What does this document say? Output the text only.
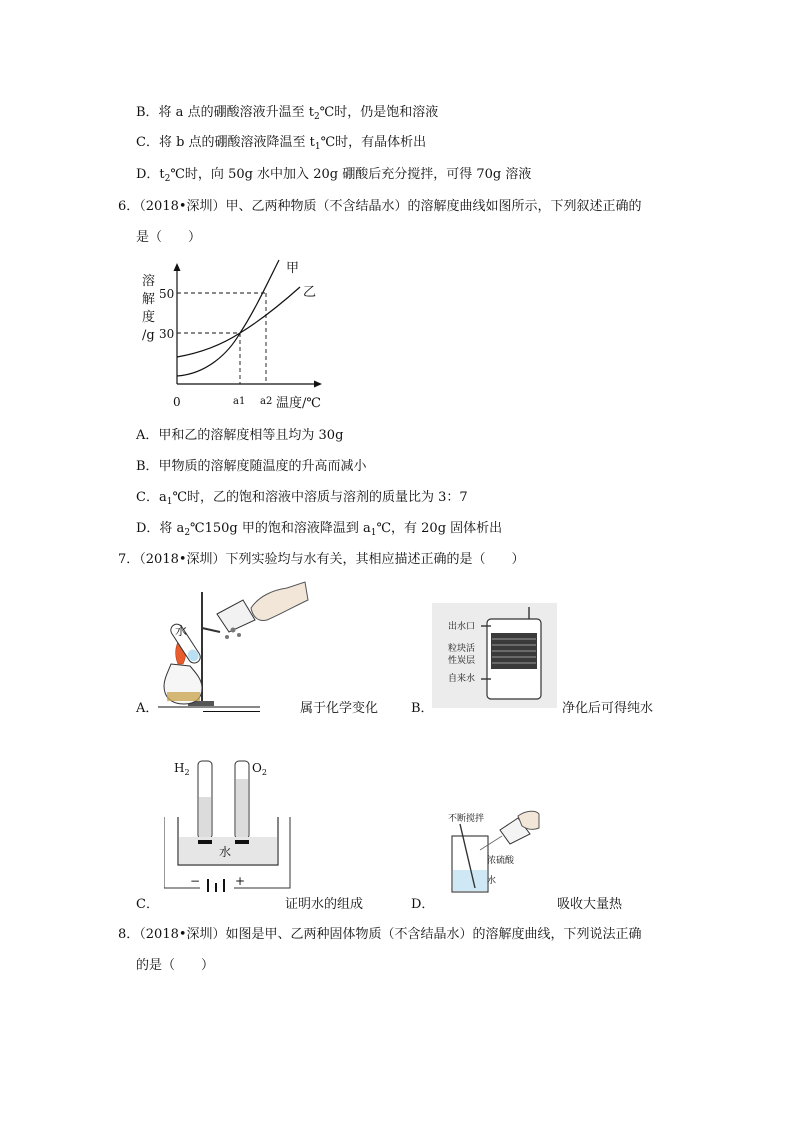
B．将 a 点的硼酸溶液升温至 $t_2℃$时，仍是饱和溶液
C．将 b 点的硼酸溶液降温至 $t_1℃$时，有晶体析出
D．$t_2℃$时，向 50g 水中加入 20g 硼酸后充分搅拌，可得 70g 溶液
6．（2018•深圳）甲、乙两种物质（不含结晶水）的溶解度曲线如图所示，下列叙述正确的
是（　　）
溶
解
度
/g
50
30
0	a1 a2 温度/℃
甲
乙
A．甲和乙的溶解度相等且均为 30g
B．甲物质的溶解度随温度的升高而减小
C．$a_1℃$时，乙的饱和溶液中溶质与溶剂的质量比为 3：7
D．将 $a_2℃150g$ 甲的饱和溶液降温到 $a_1℃$，有 20g 固体析出
7．（2018•深圳）下列实验均与水有关，其相应描述正确的是（　　）
水
A．	属于化学变化
出水口
粒块活
性炭层
自来水
B．	净化后可得纯水
$H_2$	$O_2$
水
−	+
C．	证明水的组成
不断搅拌
浓硫酸
水
D．	吸收大量热
8．（2018•深圳）如图是甲、乙两种固体物质（不含结晶水）的溶解度曲线，下列说法正确
的是（　　）
